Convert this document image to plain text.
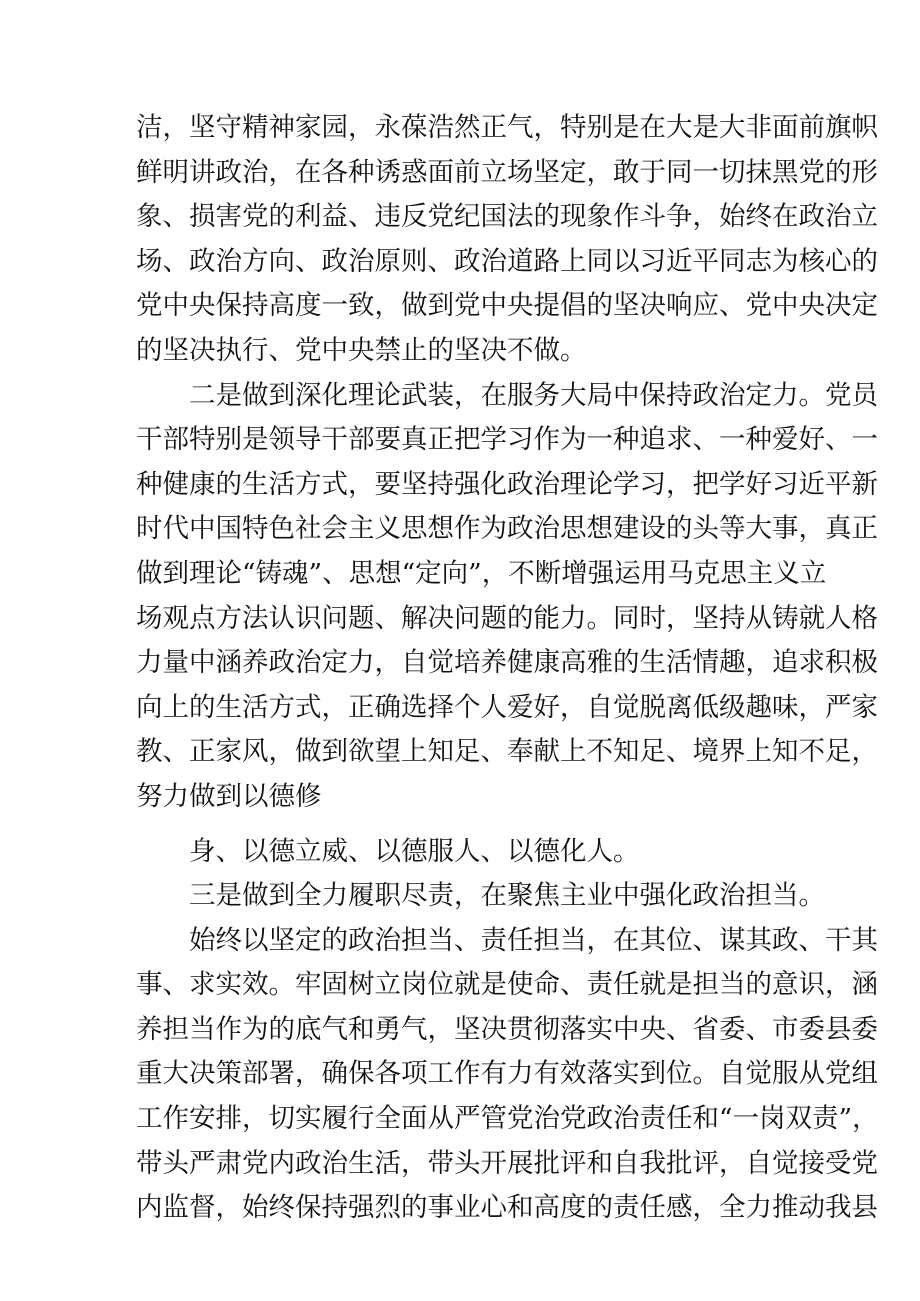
洁，坚守精神家园，永葆浩然正气，特别是在大是大非面前旗帜
鲜明讲政治，在各种诱惑面前立场坚定，敢于同一切抹黑党的形
象、损害党的利益、违反党纪国法的现象作斗争，始终在政治立
场、政治方向、政治原则、政治道路上同以习近平同志为核心的
党中央保持高度一致，做到党中央提倡的坚决响应、党中央决定
的坚决执行、党中央禁止的坚决不做。
二是做到深化理论武装，在服务大局中保持政治定力。党员
干部特别是领导干部要真正把学习作为一种追求、一种爱好、一
种健康的生活方式，要坚持强化政治理论学习，把学好习近平新
时代中国特色社会主义思想作为政治思想建设的头等大事，真正
做到理论“铸魂”、思想“定向”，不断增强运用马克思主义立
场观点方法认识问题、解决问题的能力。同时，坚持从铸就人格
力量中涵养政治定力，自觉培养健康高雅的生活情趣，追求积极
向上的生活方式，正确选择个人爱好，自觉脱离低级趣味，严家
教、正家风，做到欲望上知足、奉献上不知足、境界上知不足，
努力做到以德修
身、以德立威、以德服人、以德化人。
三是做到全力履职尽责，在聚焦主业中强化政治担当。
始终以坚定的政治担当、责任担当，在其位、谋其政、干其
事、求实效。牢固树立岗位就是使命、责任就是担当的意识，涵
养担当作为的底气和勇气，坚决贯彻落实中央、省委、市委县委
重大决策部署，确保各项工作有力有效落实到位。自觉服从党组
工作安排，切实履行全面从严管党治党政治责任和“一岗双责”，
带头严肃党内政治生活，带头开展批评和自我批评，自觉接受党
内监督，始终保持强烈的事业心和高度的责任感，全力推动我县
